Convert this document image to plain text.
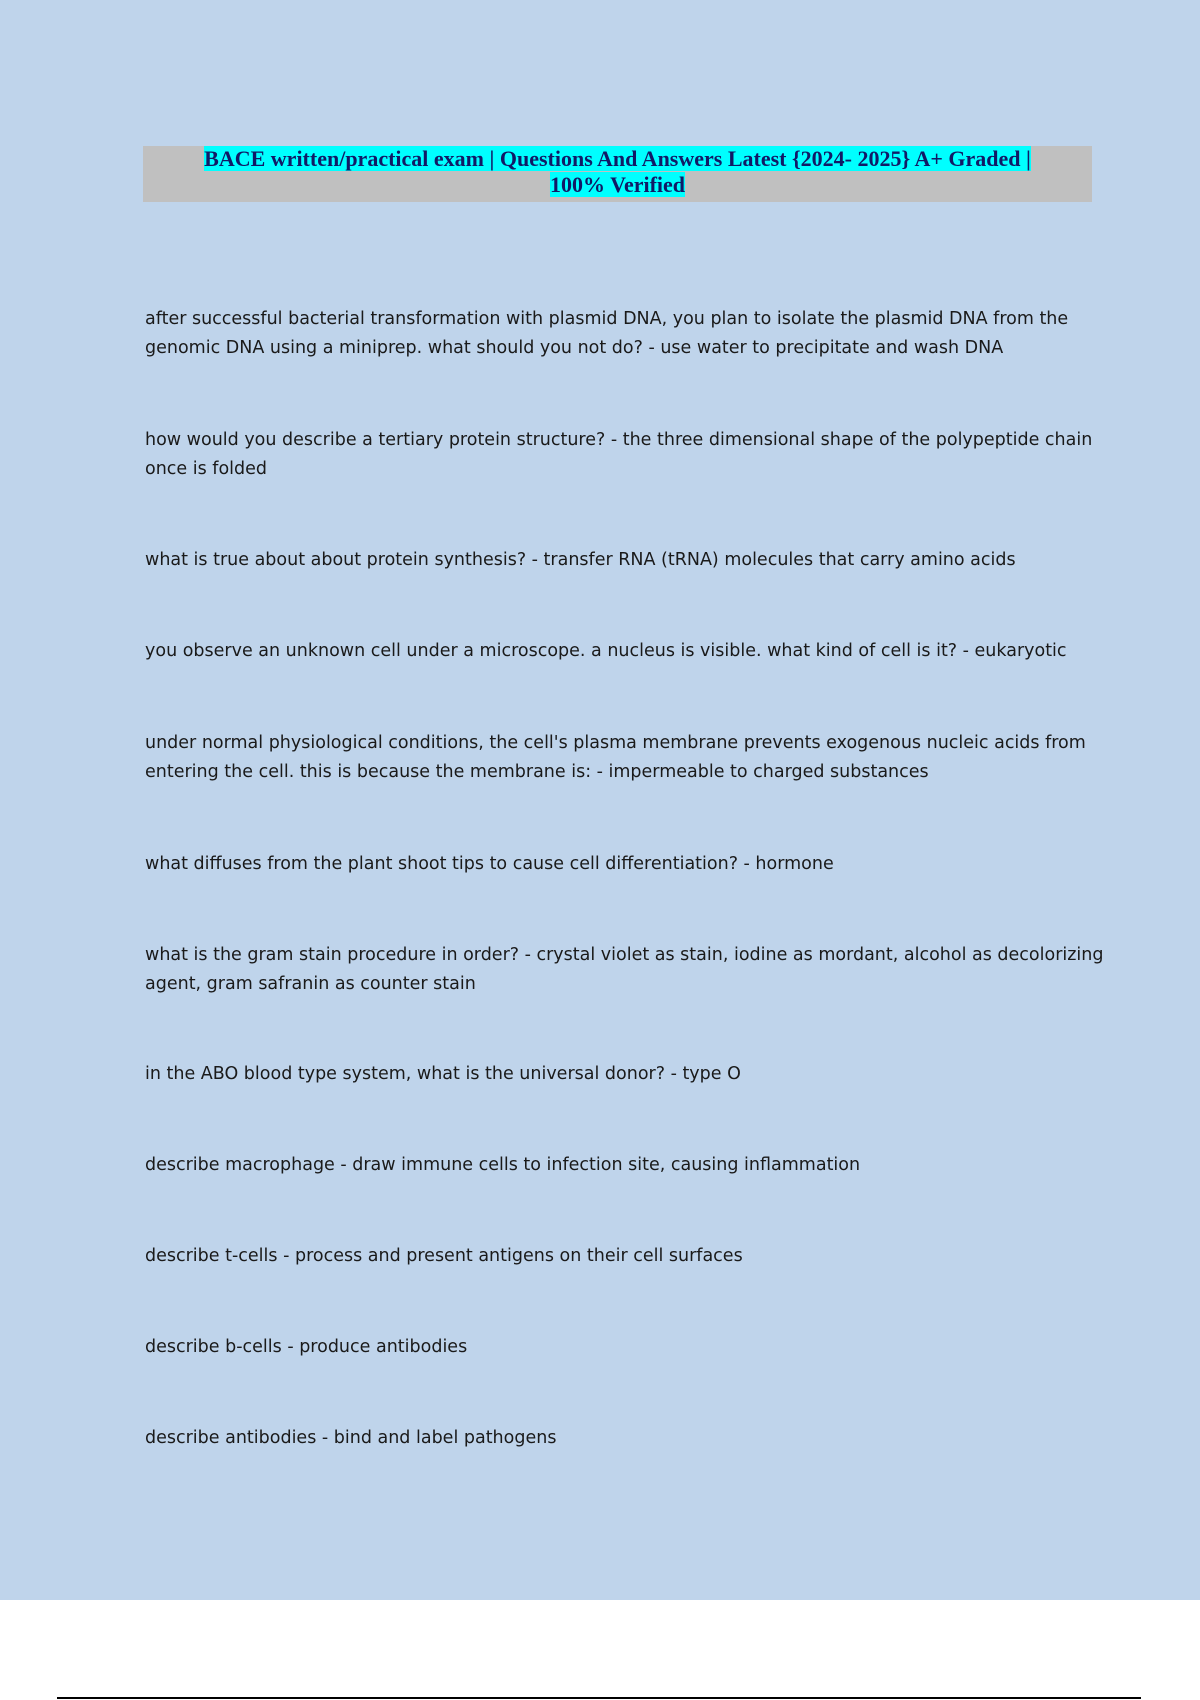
BACE written/practical exam | Questions And Answers Latest {2024- 2025} A+ Graded |
100% Verified

after successful bacterial transformation with plasmid DNA, you plan to isolate the plasmid DNA from the genomic DNA using a miniprep. what should you not do? - use water to precipitate and wash DNA

how would you describe a tertiary protein structure? - the three dimensional shape of the polypeptide chain once is folded

what is true about about protein synthesis? - transfer RNA (tRNA) molecules that carry amino acids

you observe an unknown cell under a microscope. a nucleus is visible. what kind of cell is it? - eukaryotic

under normal physiological conditions, the cell's plasma membrane prevents exogenous nucleic acids from entering the cell. this is because the membrane is: - impermeable to charged substances

what diffuses from the plant shoot tips to cause cell differentiation? - hormone

what is the gram stain procedure in order? - crystal violet as stain, iodine as mordant, alcohol as decolorizing agent, gram safranin as counter stain

in the ABO blood type system, what is the universal donor? - type O

describe macrophage - draw immune cells to infection site, causing inflammation

describe t-cells - process and present antigens on their cell surfaces

describe b-cells - produce antibodies

describe antibodies - bind and label pathogens
